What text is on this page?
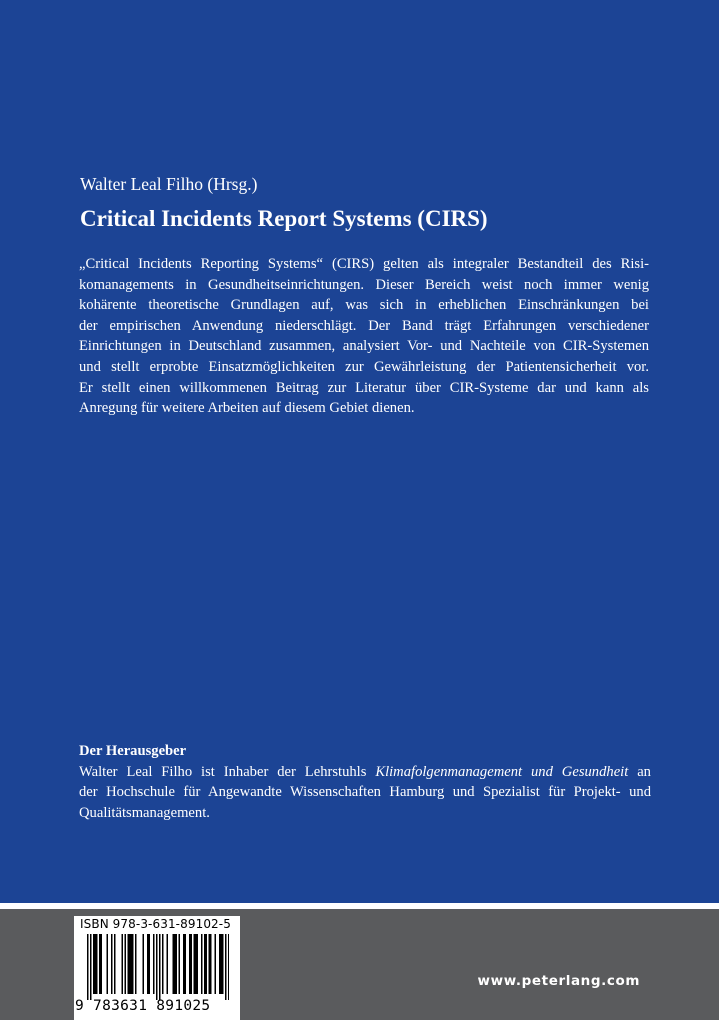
Walter Leal Filho (Hrsg.)
Critical Incidents Report Systems (CIRS)
„Critical Incidents Reporting Systems“ (CIRS) gelten als integraler Bestandteil des Risi-
komanagements in Gesundheitseinrichtungen. Dieser Bereich weist noch immer wenig
kohärente theoretische Grundlagen auf, was sich in erheblichen Einschränkungen bei
der empirischen Anwendung niederschlägt. Der Band trägt Erfahrungen verschiedener
Einrichtungen in Deutschland zusammen, analysiert Vor- und Nachteile von CIR-Systemen
und stellt erprobte Einsatzmöglichkeiten zur Gewährleistung der Patientensicherheit vor.
Er stellt einen willkommenen Beitrag zur Literatur über CIR-Systeme dar und kann als
Anregung für weitere Arbeiten auf diesem Gebiet dienen.
Der Herausgeber
Walter Leal Filho ist Inhaber der Lehrstuhls Klimafolgenmanagement und Gesundheit an
der Hochschule für Angewandte Wissenschaften Hamburg und Spezialist für Projekt- und
Qualitätsmanagement.
ISBN 978-3-631-89102-5
9 783631 891025
www.peterlang.com
